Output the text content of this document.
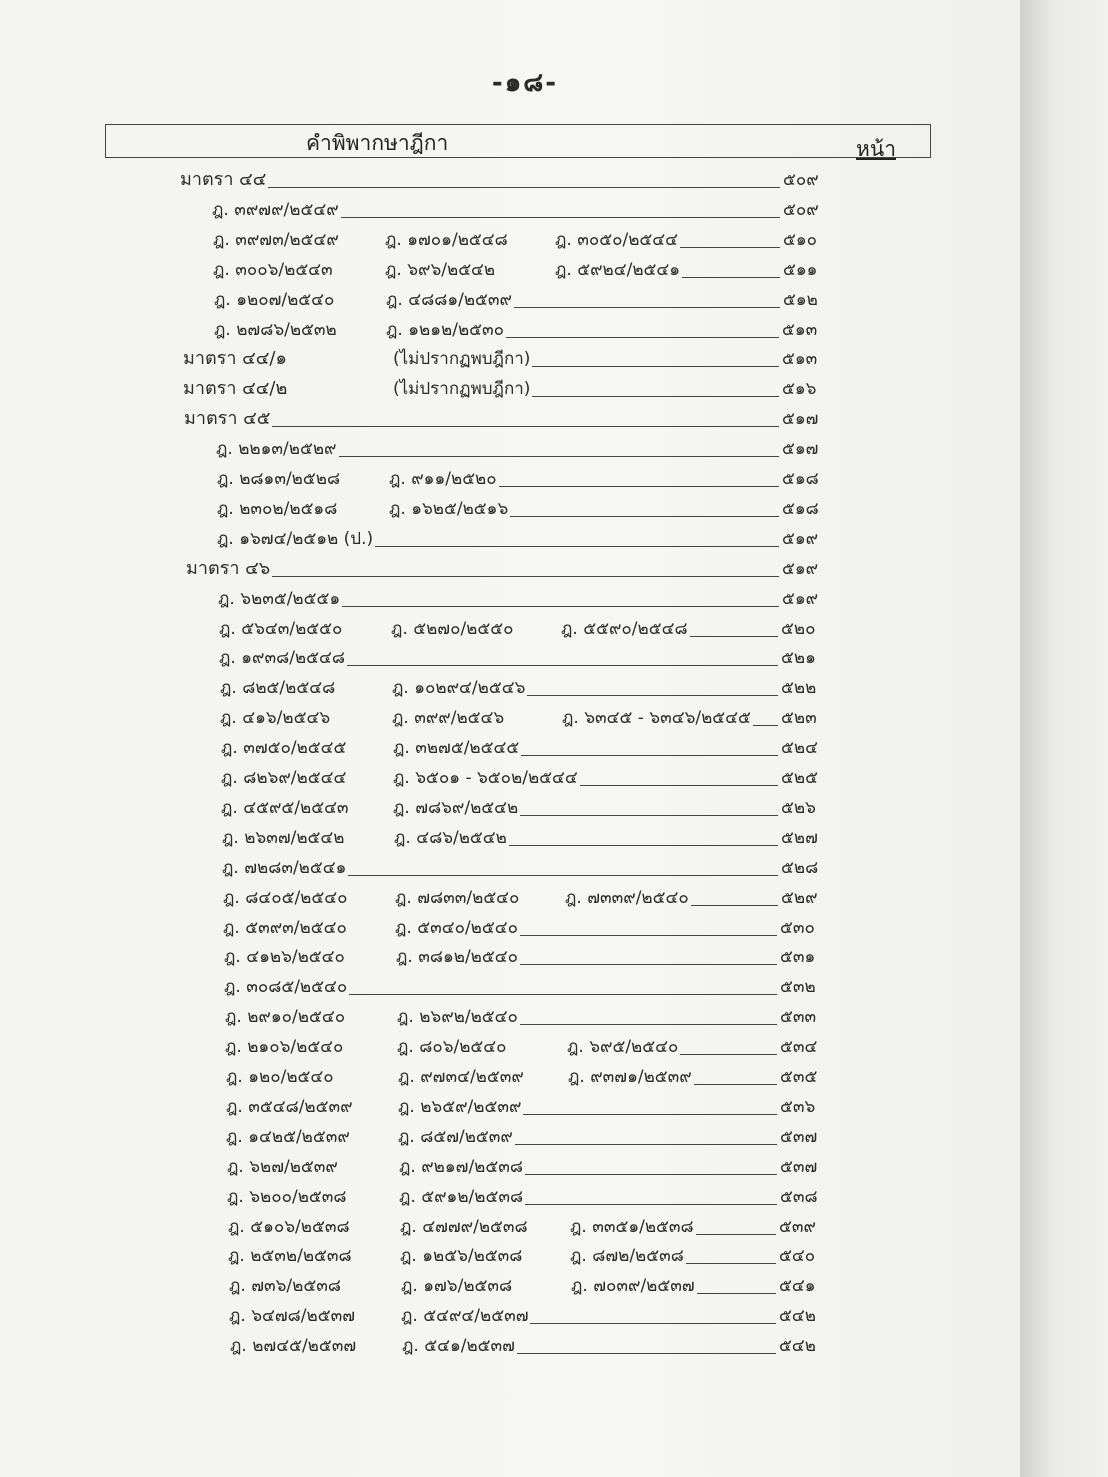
-๑๘-
คำพิพากษาฎีกา	หน้า
มาตรา ๔๔	๕๐๙
ฎ. ๓๙๗๙/๒๕๔๙	๕๐๙
ฎ. ๓๙๗๓/๒๕๔๙	ฎ. ๑๗๐๑/๒๕๔๘	ฎ. ๓๐๕๐/๒๕๔๔	๕๑๐
ฎ. ๓๐๐๖/๒๕๔๓	ฎ. ๖๙๖/๒๕๔๒	ฎ. ๕๙๒๔/๒๕๔๑	๕๑๑
ฎ. ๑๒๐๗/๒๕๔๐	ฎ. ๔๘๘๑/๒๕๓๙	๕๑๒
ฎ. ๒๗๘๖/๒๕๓๒	ฎ. ๑๒๑๒/๒๕๓๐	๕๑๓
มาตรา ๔๔/๑	(ไม่ปรากฏพบฎีกา)	๕๑๓
มาตรา ๔๔/๒	(ไม่ปรากฏพบฎีกา)	๕๑๖
มาตรา ๔๕	๕๑๗
ฎ. ๒๒๑๓/๒๕๒๙	๕๑๗
ฎ. ๒๘๑๓/๒๕๒๘	ฎ. ๙๑๑/๒๕๒๐	๕๑๘
ฎ. ๒๓๐๒/๒๕๑๘	ฎ. ๑๖๒๕/๒๕๑๖	๕๑๘
ฎ. ๑๖๗๔/๒๕๑๒ (ป.)	๕๑๙
มาตรา ๔๖	๕๑๙
ฎ. ๖๒๓๕/๒๕๕๑	๕๑๙
ฎ. ๕๖๔๓/๒๕๕๐	ฎ. ๕๒๗๐/๒๕๕๐	ฎ. ๕๕๙๐/๒๕๔๘	๕๒๐
ฎ. ๑๙๓๘/๒๕๔๘	๕๒๑
ฎ. ๘๒๕/๒๕๔๘	ฎ. ๑๐๒๙๔/๒๕๔๖	๕๒๒
ฎ. ๔๑๖/๒๕๔๖	ฎ. ๓๙๙/๒๕๔๖	ฎ. ๖๓๔๕ - ๖๓๔๖/๒๕๔๕ ๕๒๓
ฎ. ๓๗๕๐/๒๕๔๕	ฎ. ๓๒๗๕/๒๕๔๕	๕๒๔
ฎ. ๘๒๖๙/๒๕๔๔	ฎ. ๖๕๐๑ - ๖๕๐๒/๒๕๔๔	๕๒๕
ฎ. ๔๕๙๕/๒๕๔๓	ฎ. ๗๘๖๙/๒๕๔๒	๕๒๖
ฎ. ๒๖๓๗/๒๕๔๒	ฎ. ๔๘๖/๒๕๔๒	๕๒๗
ฎ. ๗๒๘๓/๒๕๔๑	๕๒๘
ฎ. ๘๔๐๕/๒๕๔๐	ฎ. ๗๘๓๓/๒๕๔๐	ฎ. ๗๓๓๙/๒๕๔๐	๕๒๙
ฎ. ๕๓๙๓/๒๕๔๐	ฎ. ๕๓๔๐/๒๕๔๐	๕๓๐
ฎ. ๔๑๒๖/๒๕๔๐	ฎ. ๓๘๑๒/๒๕๔๐	๕๓๑
ฎ. ๓๐๘๕/๒๕๔๐	๕๓๒
ฎ. ๒๙๑๐/๒๕๔๐	ฎ. ๒๖๙๒/๒๕๔๐	๕๓๓
ฎ. ๒๑๐๖/๒๕๔๐	ฎ. ๘๐๖/๒๕๔๐	ฎ. ๖๙๕/๒๕๔๐	๕๓๔
ฎ. ๑๒๐/๒๕๔๐	ฎ. ๙๗๓๔/๒๕๓๙	ฎ. ๙๓๗๑/๒๕๓๙	๕๓๕
ฎ. ๓๕๔๘/๒๕๓๙	ฎ. ๒๖๕๙/๒๕๓๙	๕๓๖
ฎ. ๑๔๒๕/๒๕๓๙	ฎ. ๘๕๗/๒๕๓๙	๕๓๗
ฎ. ๖๒๗/๒๕๓๙	ฎ. ๙๒๑๗/๒๕๓๘	๕๓๗
ฎ. ๖๒๐๐/๒๕๓๘	ฎ. ๕๙๑๒/๒๕๓๘	๕๓๘
ฎ. ๕๑๐๖/๒๕๓๘	ฎ. ๔๗๗๙/๒๕๓๘	ฎ. ๓๓๕๑/๒๕๓๘	๕๓๙
ฎ. ๒๕๓๒/๒๕๓๘	ฎ. ๑๒๕๖/๒๕๓๘	ฎ. ๘๗๒/๒๕๓๘	๕๔๐
ฎ. ๗๓๖/๒๕๓๘	ฎ. ๑๗๖/๒๕๓๘	ฎ. ๗๐๓๙/๒๕๓๗	๕๔๑
ฎ. ๖๔๗๘/๒๕๓๗	ฎ. ๕๔๙๔/๒๕๓๗	๕๔๒
ฎ. ๒๗๔๕/๒๕๓๗	ฎ. ๕๔๑/๒๕๓๗	๕๔๒
